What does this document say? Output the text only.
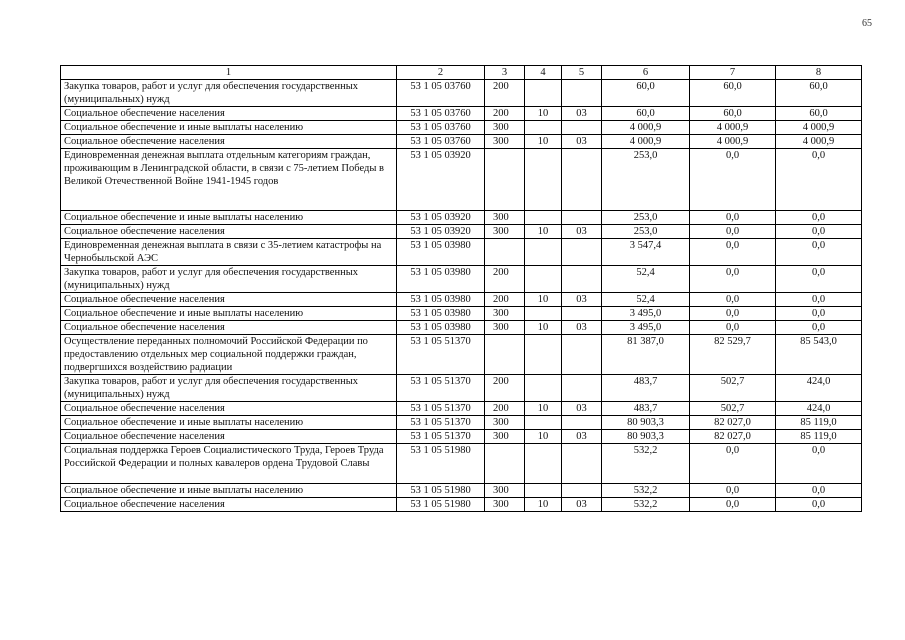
65
1	2	3	4	5	6	7	8
Закупка товаров, работ и услуг для обеспечения государственных (муниципальных) нужд	53 1 05 03760	200			60,0	60,0	60,0
Социальное обеспечение населения	53 1 05 03760	200	10	03	60,0	60,0	60,0
Социальное обеспечение и иные выплаты населению	53 1 05 03760	300			4 000,9	4 000,9	4 000,9
Социальное обеспечение населения	53 1 05 03760	300	10	03	4 000,9	4 000,9	4 000,9
Единовременная денежная выплата отдельным категориям граждан, проживающим в Ленинградской области, в связи с 75-летием Победы в Великой Отечественной Войне 1941-1945 годов	53 1 05 03920				253,0	0,0	0,0
Социальное обеспечение и иные выплаты населению	53 1 05 03920	300			253,0	0,0	0,0
Социальное обеспечение населения	53 1 05 03920	300	10	03	253,0	0,0	0,0
Единовременная денежная выплата в связи с 35-летием катастрофы на Чернобыльской АЭС	53 1 05 03980				3 547,4	0,0	0,0
Закупка товаров, работ и услуг для обеспечения государственных (муниципальных) нужд	53 1 05 03980	200			52,4	0,0	0,0
Социальное обеспечение населения	53 1 05 03980	200	10	03	52,4	0,0	0,0
Социальное обеспечение и иные выплаты населению	53 1 05 03980	300			3 495,0	0,0	0,0
Социальное обеспечение населения	53 1 05 03980	300	10	03	3 495,0	0,0	0,0
Осуществление переданных полномочий Российской Федерации по предоставлению отдельных мер социальной поддержки граждан, подвергшихся воздействию радиации	53 1 05 51370				81 387,0	82 529,7	85 543,0
Закупка товаров, работ и услуг для обеспечения государственных (муниципальных) нужд	53 1 05 51370	200			483,7	502,7	424,0
Социальное обеспечение населения	53 1 05 51370	200	10	03	483,7	502,7	424,0
Социальное обеспечение и иные выплаты населению	53 1 05 51370	300			80 903,3	82 027,0	85 119,0
Социальное обеспечение населения	53 1 05 51370	300	10	03	80 903,3	82 027,0	85 119,0
Социальная поддержка Героев Социалистического Труда, Героев Труда Российской Федерации и полных кавалеров ордена Трудовой Славы	53 1 05 51980				532,2	0,0	0,0
Социальное обеспечение и иные выплаты населению	53 1 05 51980	300			532,2	0,0	0,0
Социальное обеспечение населения	53 1 05 51980	300	10	03	532,2	0,0	0,0
